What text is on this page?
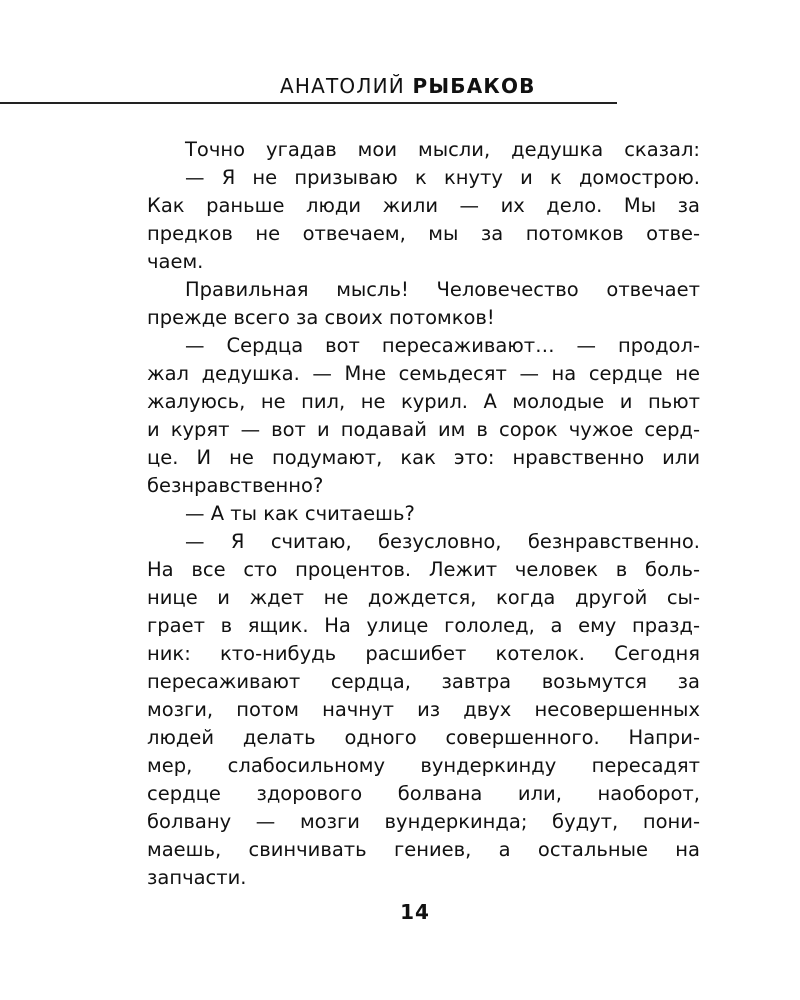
АНАТОЛИЙ РЫБАКОВ
Точно угадав мои мысли, дедушка сказал:
— Я не призываю к кнуту и к домострою.
Как раньше люди жили — их дело. Мы за
предков не отвечаем, мы за потомков отве-
чаем.
Правильная мысль! Человечество отвечает
прежде всего за своих потомков!
— Сердца вот пересаживают… — продол-
жал дедушка. — Мне семьдесят — на сердце не
жалуюсь, не пил, не курил. А молодые и пьют
и курят — вот и подавай им в сорок чужое серд-
це. И не подумают, как это: нравственно или
безнравственно?
— А ты как считаешь?
— Я считаю, безусловно, безнравственно.
На все сто процентов. Лежит человек в боль-
нице и ждет не дождется, когда другой сы-
грает в ящик. На улице гололед, а ему празд-
ник: кто-нибудь расшибет котелок. Сегодня
пересаживают сердца, завтра возьмутся за
мозги, потом начнут из двух несовершенных
людей делать одного совершенного. Напри-
мер, слабосильному вундеркинду пересадят
сердце здорового болвана или, наоборот,
болвану — мозги вундеркинда; будут, пони-
маешь, свинчивать гениев, а остальные на
запчасти.
14
